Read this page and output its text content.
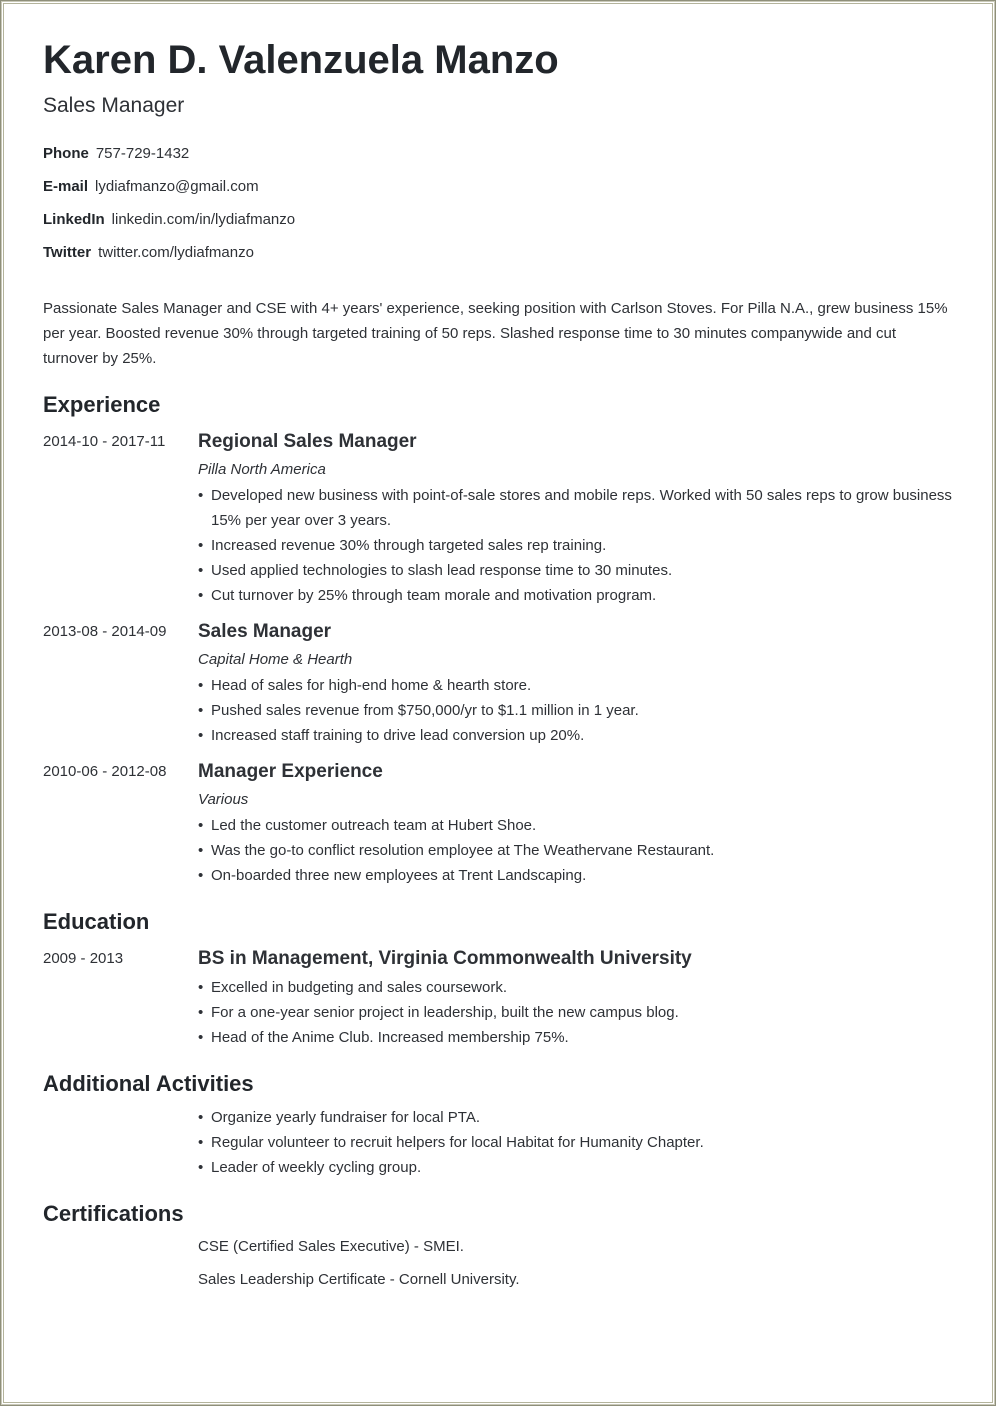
Karen D. Valenzuela Manzo
Sales Manager
Phone 757-729-1432
E-mail lydiafmanzo@gmail.com
LinkedIn linkedin.com/in/lydiafmanzo
Twitter twitter.com/lydiafmanzo
Passionate Sales Manager and CSE with 4+ years' experience, seeking position with Carlson Stoves. For Pilla N.A., grew business 15% per year. Boosted revenue 30% through targeted training of 50 reps. Slashed response time to 30 minutes companywide and cut turnover by 25%.
Experience
2014-10 - 2017-11 Regional Sales Manager
Pilla North America
• Developed new business with point-of-sale stores and mobile reps. Worked with 50 sales reps to grow business 15% per year over 3 years.
• Increased revenue 30% through targeted sales rep training.
• Used applied technologies to slash lead response time to 30 minutes.
• Cut turnover by 25% through team morale and motivation program.
2013-08 - 2014-09 Sales Manager
Capital Home & Hearth
• Head of sales for high-end home & hearth store.
• Pushed sales revenue from $750,000/yr to $1.1 million in 1 year.
• Increased staff training to drive lead conversion up 20%.
2010-06 - 2012-08 Manager Experience
Various
• Led the customer outreach team at Hubert Shoe.
• Was the go-to conflict resolution employee at The Weathervane Restaurant.
• On-boarded three new employees at Trent Landscaping.
Education
2009 - 2013	BS in Management, Virginia Commonwealth University
• Excelled in budgeting and sales coursework.
• For a one-year senior project in leadership, built the new campus blog.
• Head of the Anime Club. Increased membership 75%.
Additional Activities
• Organize yearly fundraiser for local PTA.
• Regular volunteer to recruit helpers for local Habitat for Humanity Chapter.
• Leader of weekly cycling group.
Certifications
CSE (Certified Sales Executive) - SMEI.
Sales Leadership Certificate - Cornell University.
